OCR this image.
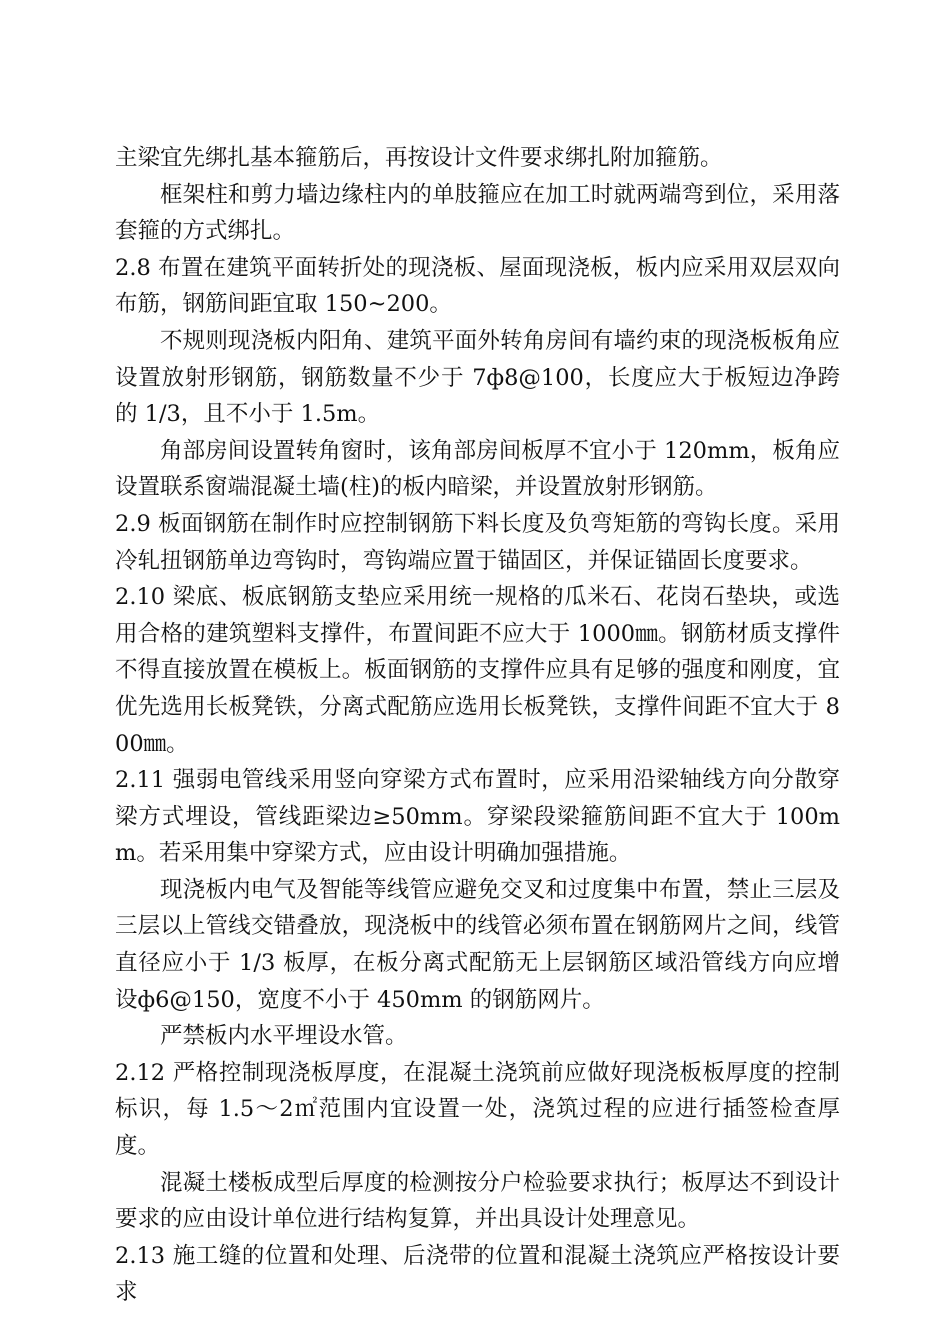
主梁宜先绑扎基本箍筋后，再按设计文件要求绑扎附加箍筋。

框架柱和剪力墙边缘柱内的单肢箍应在加工时就两端弯到位，采用落套箍的方式绑扎。

2.8 布置在建筑平面转折处的现浇板、屋面现浇板，板内应采用双层双向布筋，钢筋间距宜取 150~200。

不规则现浇板内阳角、建筑平面外转角房间有墙约束的现浇板板角应设置放射形钢筋，钢筋数量不少于 7ф8@100，长度应大于板短边净跨的 1/3，且不小于 1.5m。

角部房间设置转角窗时，该角部房间板厚不宜小于 120mm，板角应设置联系窗端混凝土墙(柱)的板内暗梁，并设置放射形钢筋。

2.9 板面钢筋在制作时应控制钢筋下料长度及负弯矩筋的弯钩长度。采用冷轧扭钢筋单边弯钩时，弯钩端应置于锚固区，并保证锚固长度要求。

2.10 梁底、板底钢筋支垫应采用统一规格的瓜米石、花岗石垫块，或选用合格的建筑塑料支撑件，布置间距不应大于 1000㎜。钢筋材质支撑件不得直接放置在模板上。板面钢筋的支撑件应具有足够的强度和刚度，宜优先选用长板凳铁，分离式配筋应选用长板凳铁，支撑件间距不宜大于 800㎜。

2.11 强弱电管线采用竖向穿梁方式布置时，应采用沿梁轴线方向分散穿梁方式埋设，管线距梁边≥50mm。穿梁段梁箍筋间距不宜大于 100mm。若采用集中穿梁方式，应由设计明确加强措施。

现浇板内电气及智能等线管应避免交叉和过度集中布置，禁止三层及三层以上管线交错叠放，现浇板中的线管必须布置在钢筋网片之间，线管直径应小于 1/3 板厚，在板分离式配筋无上层钢筋区域沿管线方向应增设ф6@150，宽度不小于 450mm 的钢筋网片。

严禁板内水平埋设水管。

2.12 严格控制现浇板厚度，在混凝土浇筑前应做好现浇板板厚度的控制标识，每 1.5～2㎡范围内宜设置一处，浇筑过程的应进行插签检查厚度。

混凝土楼板成型后厚度的检测按分户检验要求执行；板厚达不到设计要求的应由设计单位进行结构复算，并出具设计处理意见。

2.13 施工缝的位置和处理、后浇带的位置和混凝土浇筑应严格按设计要求
